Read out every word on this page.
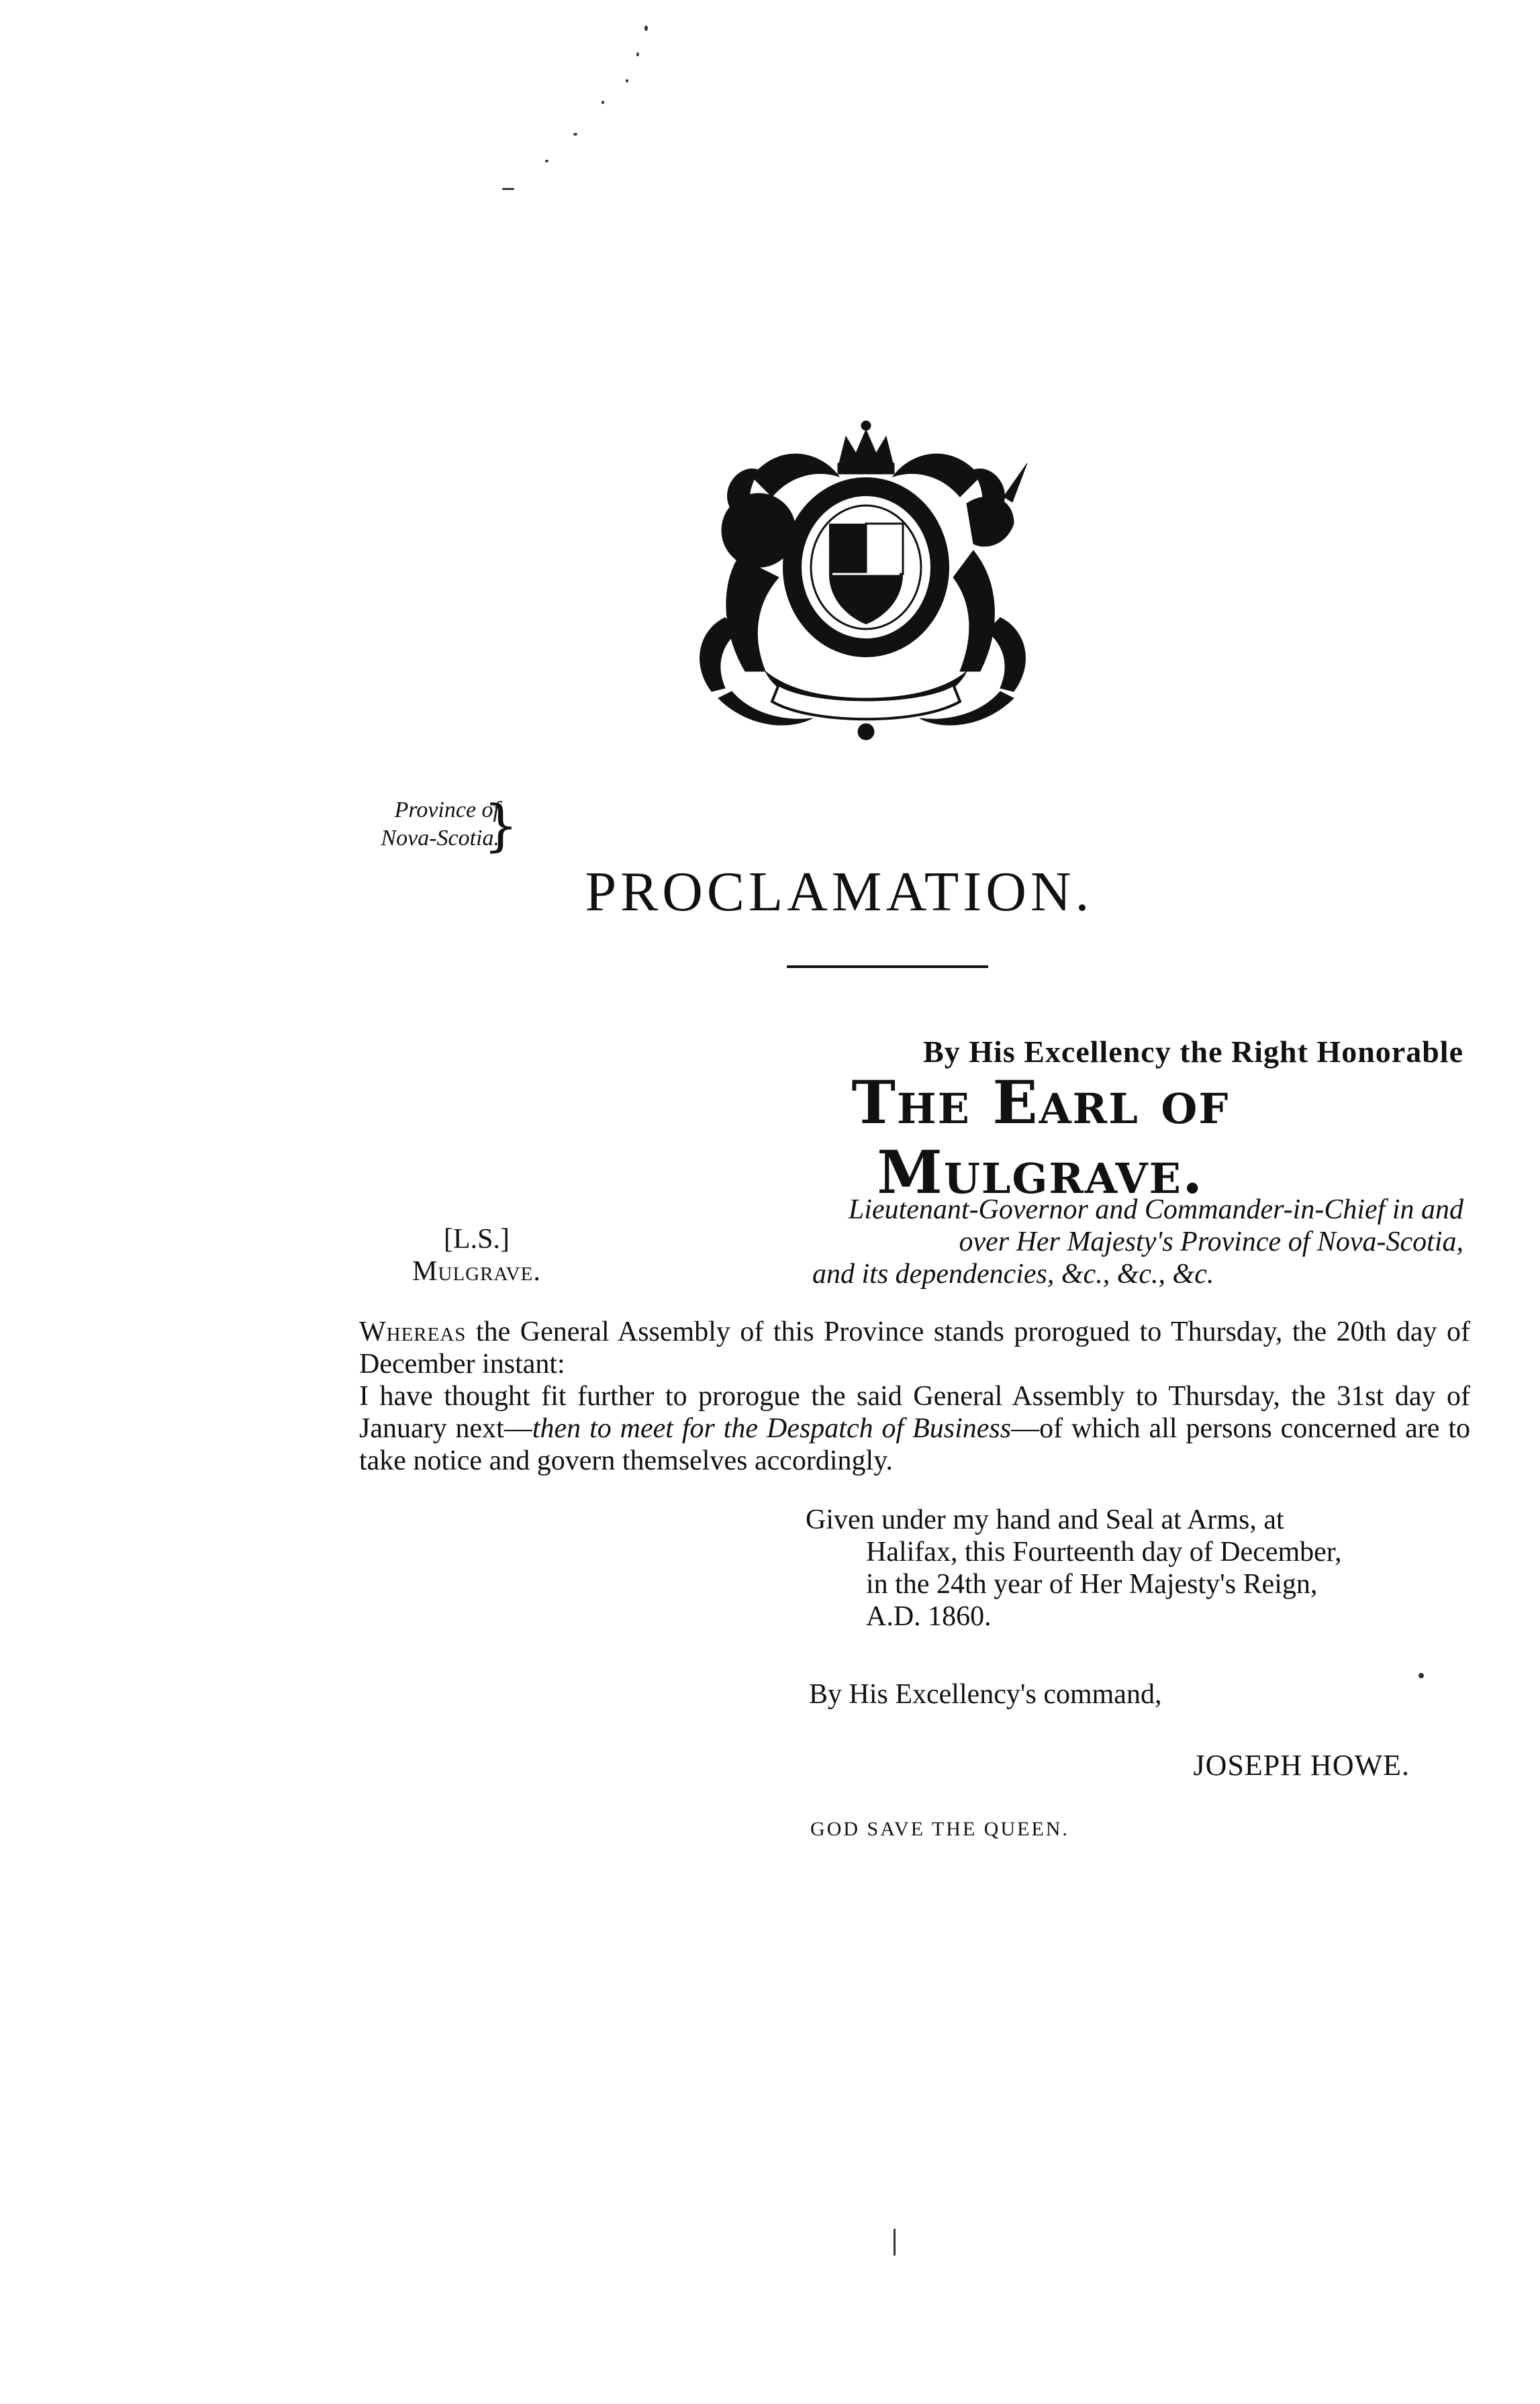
Province of
Nova-Scotia.
}
PROCLAMATION.
By His Excellency the Right Honorable
The Earl of Mulgrave.
Lieutenant-Governor and Commander-in-Chief in and
over Her Majesty's Province of Nova-Scotia,
and its dependencies, &c., &c., &c.
[L.S.]
Mulgrave.

Whereas the General Assembly of this Province stands prorogued to Thursday, the 20th day of December instant:

I have thought fit further to prorogue the said General Assembly to Thursday, the 31st day of January next—then to meet for the Despatch of Business—of which all persons concerned are to take notice and govern themselves accordingly.

Given under my hand and Seal at Arms, at
Halifax, this Fourteenth day of December,
in the 24th year of Her Majesty's Reign,
A.D. 1860.
By His Excellency's command,
JOSEPH HOWE.
GOD SAVE THE QUEEN.
